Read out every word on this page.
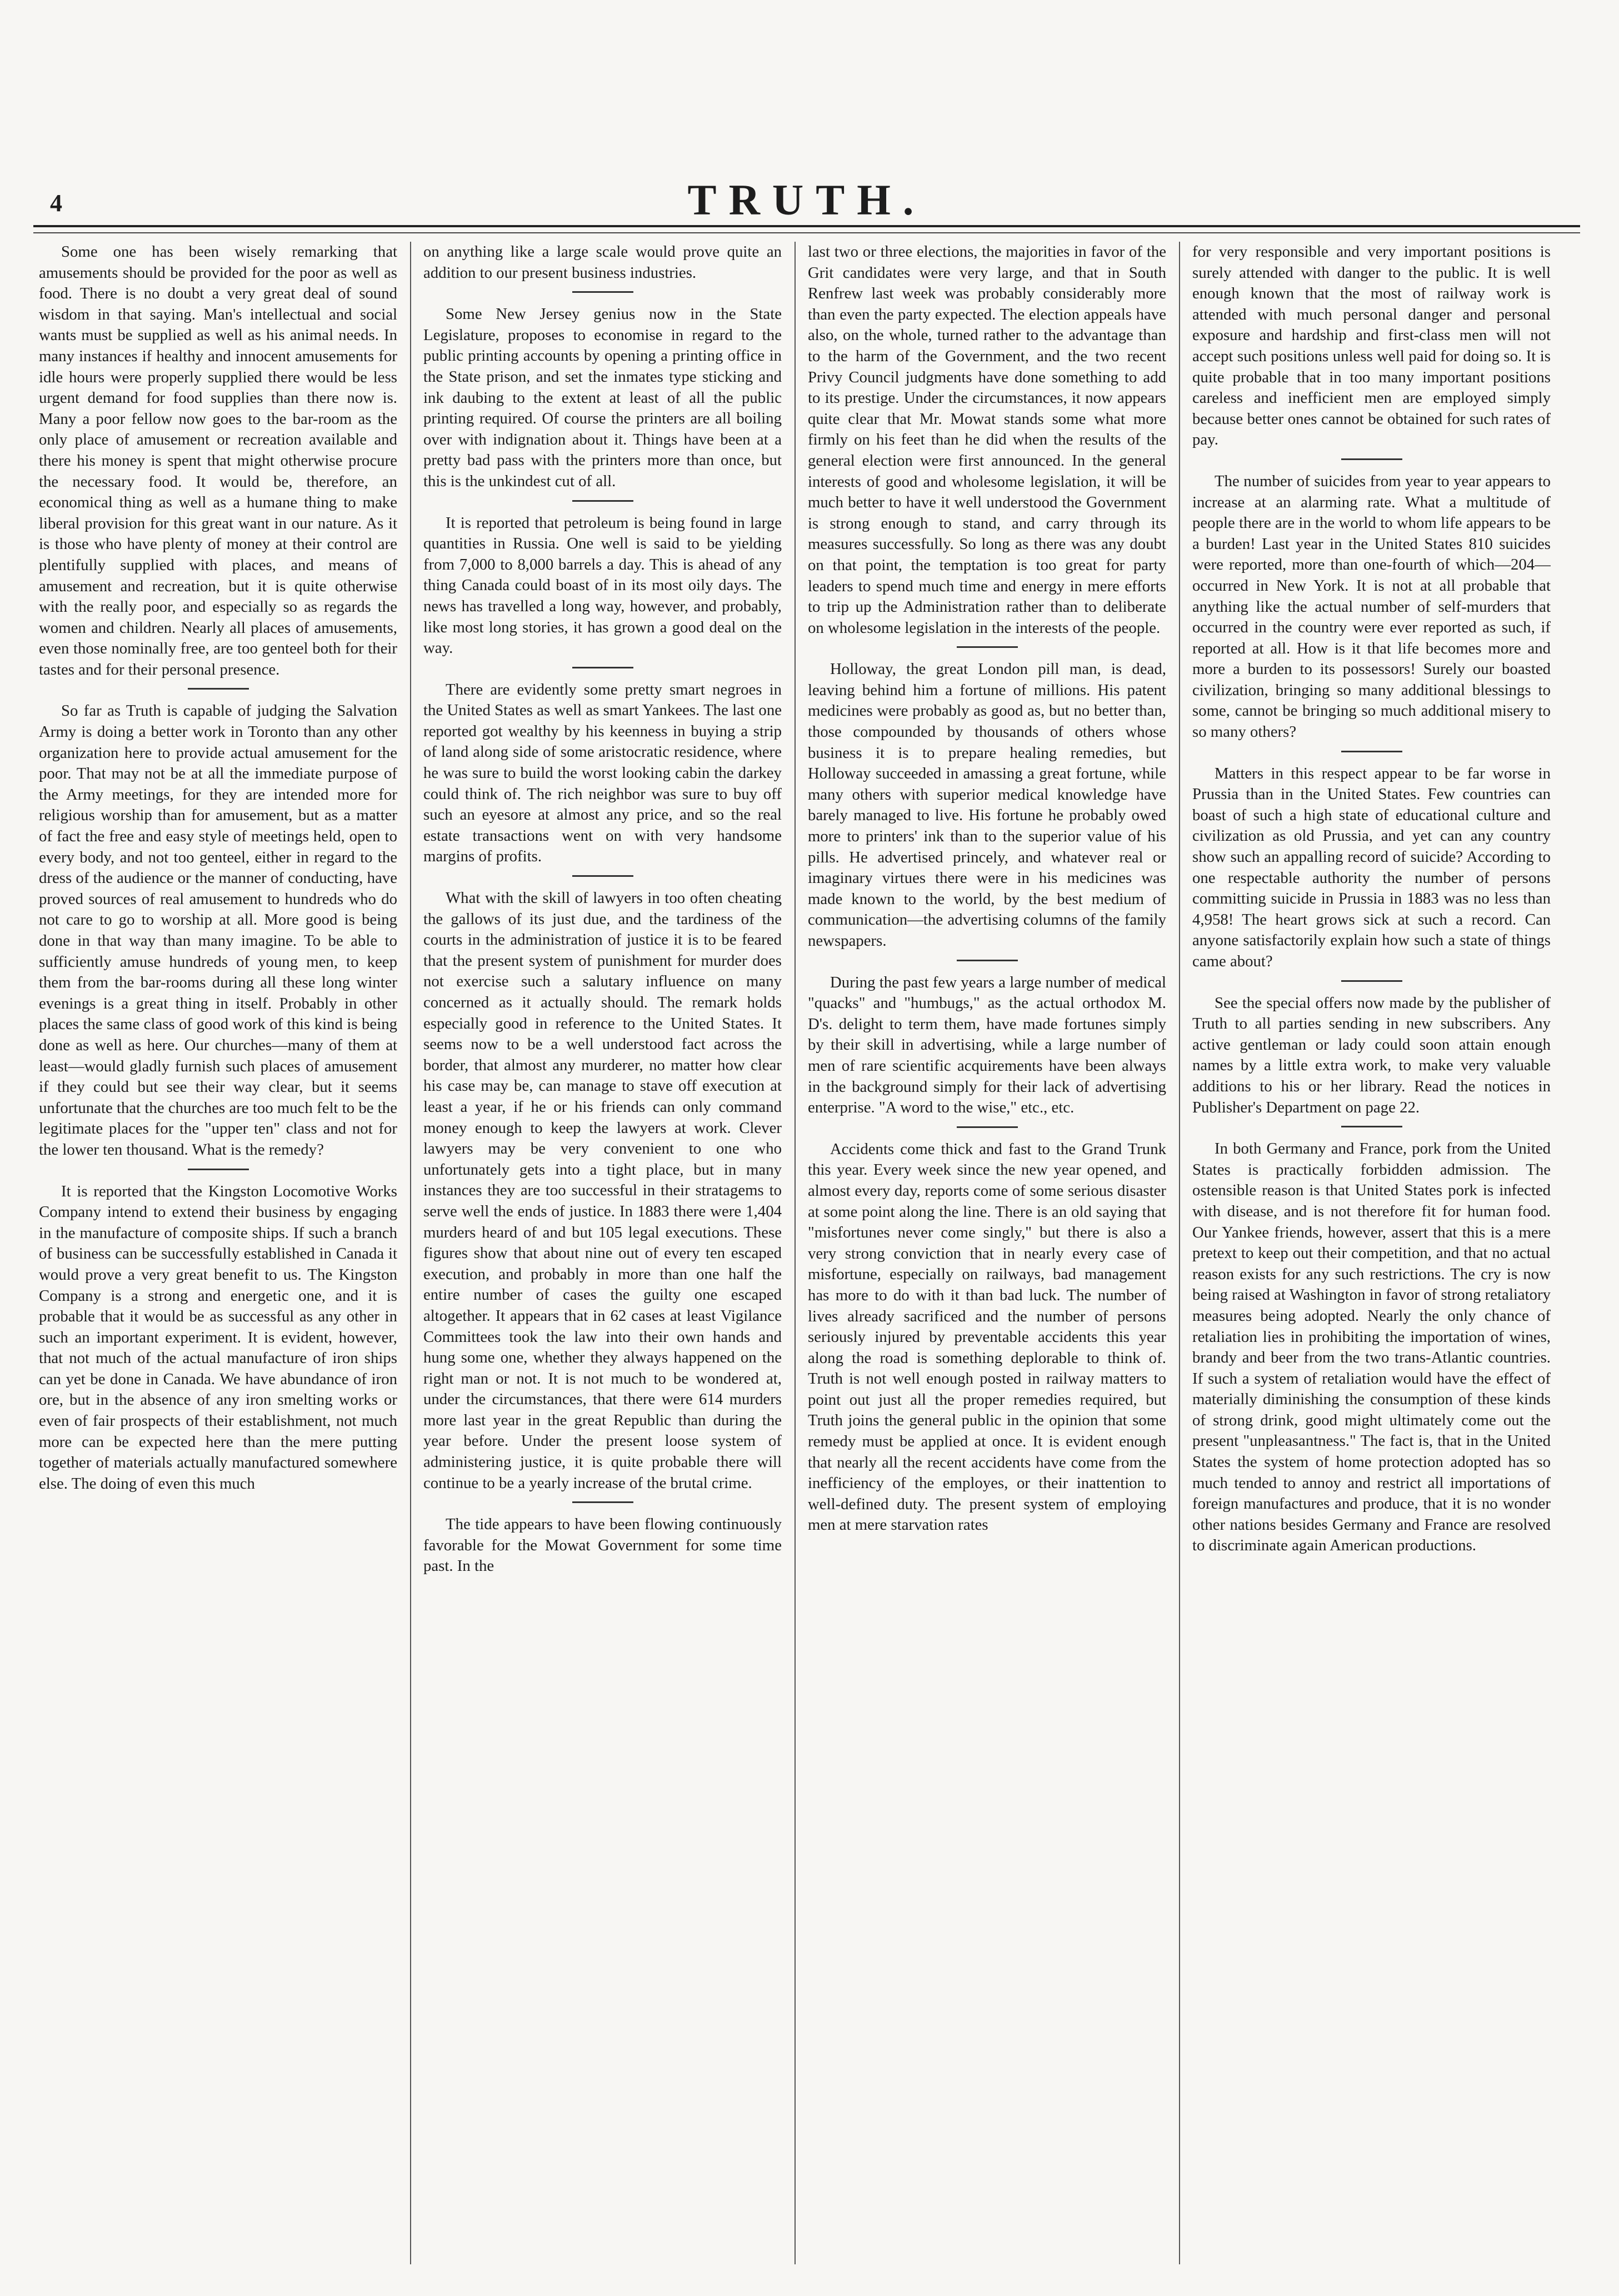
4	TRUTH.

Some one has been wisely remarking that amusements should be provided for the poor as well as food. There is no doubt a very great deal of sound wisdom in that saying. Man's intellectual and social wants must be supplied as well as his animal needs. In many instances if healthy and innocent amusements for idle hours were properly supplied there would be less urgent demand for food supplies than there now is. Many a poor fellow now goes to the bar-room as the only place of amusement or recreation available and there his money is spent that might otherwise procure the necessary food. It would be, therefore, an economical thing as well as a humane thing to make liberal provision for this great want in our nature. As it is those who have plenty of money at their control are plentifully supplied with places, and means of amusement and recreation, but it is quite otherwise with the really poor, and especially so as regards the women and children. Nearly all places of amusements, even those nominally free, are too genteel both for their tastes and for their personal presence.

So far as Truth is capable of judging the Salvation Army is doing a better work in Toronto than any other organization here to provide actual amusement for the poor. That may not be at all the immediate purpose of the Army meetings, for they are intended more for religious worship than for amusement, but as a matter of fact the free and easy style of meetings held, open to every body, and not too genteel, either in regard to the dress of the audience or the manner of conducting, have proved sources of real amusement to hundreds who do not care to go to worship at all. More good is being done in that way than many imagine. To be able to sufficiently amuse hundreds of young men, to keep them from the bar-rooms during all these long winter evenings is a great thing in itself. Probably in other places the same class of good work of this kind is being done as well as here. Our churches—many of them at least—would gladly furnish such places of amusement if they could but see their way clear, but it seems unfortunate that the churches are too much felt to be the legitimate places for the "upper ten" class and not for the lower ten thousand. What is the remedy?

It is reported that the Kingston Locomotive Works Company intend to extend their business by engaging in the manufacture of composite ships. If such a branch of business can be successfully established in Canada it would prove a very great benefit to us. The Kingston Company is a strong and energetic one, and it is probable that it would be as successful as any other in such an important experiment. It is evident, however, that not much of the actual manufacture of iron ships can yet be done in Canada. We have abundance of iron ore, but in the absence of any iron smelting works or even of fair prospects of their establishment, not much more can be expected here than the mere putting together of materials actually manufactured somewhere else. The doing of even this much

on anything like a large scale would prove quite an addition to our present business industries.

Some New Jersey genius now in the State Legislature, proposes to economise in regard to the public printing accounts by opening a printing office in the State prison, and set the inmates type sticking and ink daubing to the extent at least of all the public printing required. Of course the printers are all boiling over with indignation about it. Things have been at a pretty bad pass with the printers more than once, but this is the unkindest cut of all.

It is reported that petroleum is being found in large quantities in Russia. One well is said to be yielding from 7,000 to 8,000 barrels a day. This is ahead of any thing Canada could boast of in its most oily days. The news has travelled a long way, however, and probably, like most long stories, it has grown a good deal on the way.

There are evidently some pretty smart negroes in the United States as well as smart Yankees. The last one reported got wealthy by his keenness in buying a strip of land along side of some aristocratic residence, where he was sure to build the worst looking cabin the darkey could think of. The rich neighbor was sure to buy off such an eyesore at almost any price, and so the real estate transactions went on with very handsome margins of profits.

What with the skill of lawyers in too often cheating the gallows of its just due, and the tardiness of the courts in the administration of justice it is to be feared that the present system of punishment for murder does not exercise such a salutary influence on many concerned as it actually should. The remark holds especially good in reference to the United States. It seems now to be a well understood fact across the border, that almost any murderer, no matter how clear his case may be, can manage to stave off execution at least a year, if he or his friends can only command money enough to keep the lawyers at work. Clever lawyers may be very convenient to one who unfortunately gets into a tight place, but in many instances they are too successful in their stratagems to serve well the ends of justice. In 1883 there were 1,404 murders heard of and but 105 legal executions. These figures show that about nine out of every ten escaped execution, and probably in more than one half the entire number of cases the guilty one escaped altogether. It appears that in 62 cases at least Vigilance Committees took the law into their own hands and hung some one, whether they always happened on the right man or not. It is not much to be wondered at, under the circumstances, that there were 614 murders more last year in the great Republic than during the year before. Under the present loose system of administering justice, it is quite probable there will continue to be a yearly increase of the brutal crime.

The tide appears to have been flowing continuously favorable for the Mowat Government for some time past. In the

last two or three elections, the majorities in favor of the Grit candidates were very large, and that in South Renfrew last week was probably considerably more than even the party expected. The election appeals have also, on the whole, turned rather to the advantage than to the harm of the Government, and the two recent Privy Council judgments have done something to add to its prestige. Under the circumstances, it now appears quite clear that Mr. Mowat stands some what more firmly on his feet than he did when the results of the general election were first announced. In the general interests of good and wholesome legislation, it will be much better to have it well understood the Government is strong enough to stand, and carry through its measures successfully. So long as there was any doubt on that point, the temptation is too great for party leaders to spend much time and energy in mere efforts to trip up the Administration rather than to deliberate on wholesome legislation in the interests of the people.

Holloway, the great London pill man, is dead, leaving behind him a fortune of millions. His patent medicines were probably as good as, but no better than, those compounded by thousands of others whose business it is to prepare healing remedies, but Holloway succeeded in amassing a great fortune, while many others with superior medical knowledge have barely managed to live. His fortune he probably owed more to printers' ink than to the superior value of his pills. He advertised princely, and whatever real or imaginary virtues there were in his medicines was made known to the world, by the best medium of communication—the advertising columns of the family newspapers.

During the past few years a large number of medical "quacks" and "humbugs," as the actual orthodox M. D's. delight to term them, have made fortunes simply by their skill in advertising, while a large number of men of rare scientific acquirements have been always in the background simply for their lack of advertising enterprise. "A word to the wise," etc., etc.

Accidents come thick and fast to the Grand Trunk this year. Every week since the new year opened, and almost every day, reports come of some serious disaster at some point along the line. There is an old saying that "misfortunes never come singly," but there is also a very strong conviction that in nearly every case of misfortune, especially on railways, bad management has more to do with it than bad luck. The number of lives already sacrificed and the number of persons seriously injured by preventable accidents this year along the road is something deplorable to think of. Truth is not well enough posted in railway matters to point out just all the proper remedies required, but Truth joins the general public in the opinion that some remedy must be applied at once. It is evident enough that nearly all the recent accidents have come from the inefficiency of the employes, or their inattention to well-defined duty. The present system of employing men at mere starvation rates

for very responsible and very important positions is surely attended with danger to the public. It is well enough known that the most of railway work is attended with much personal danger and personal exposure and hardship and first-class men will not accept such positions unless well paid for doing so. It is quite probable that in too many important positions careless and inefficient men are employed simply because better ones cannot be obtained for such rates of pay.

The number of suicides from year to year appears to increase at an alarming rate. What a multitude of people there are in the world to whom life appears to be a burden! Last year in the United States 810 suicides were reported, more than one-fourth of which—204—occurred in New York. It is not at all probable that anything like the actual number of self-murders that occurred in the country were ever reported as such, if reported at all. How is it that life becomes more and more a burden to its possessors! Surely our boasted civilization, bringing so many additional blessings to some, cannot be bringing so much additional misery to so many others?

Matters in this respect appear to be far worse in Prussia than in the United States. Few countries can boast of such a high state of educational culture and civilization as old Prussia, and yet can any country show such an appalling record of suicide? According to one respectable authority the number of persons committing suicide in Prussia in 1883 was no less than 4,958! The heart grows sick at such a record. Can anyone satisfactorily explain how such a state of things came about?

See the special offers now made by the publisher of Truth to all parties sending in new subscribers. Any active gentleman or lady could soon attain enough names by a little extra work, to make very valuable additions to his or her library. Read the notices in Publisher's Department on page 22.

In both Germany and France, pork from the United States is practically forbidden admission. The ostensible reason is that United States pork is infected with disease, and is not therefore fit for human food. Our Yankee friends, however, assert that this is a mere pretext to keep out their competition, and that no actual reason exists for any such restrictions. The cry is now being raised at Washington in favor of strong retaliatory measures being adopted. Nearly the only chance of retaliation lies in prohibiting the importation of wines, brandy and beer from the two trans-Atlantic countries. If such a system of retaliation would have the effect of materially diminishing the consumption of these kinds of strong drink, good might ultimately come out the present "unpleasantness." The fact is, that in the United States the system of home protection adopted has so much tended to annoy and restrict all importations of foreign manufactures and produce, that it is no wonder other nations besides Germany and France are resolved to discriminate again American productions.
